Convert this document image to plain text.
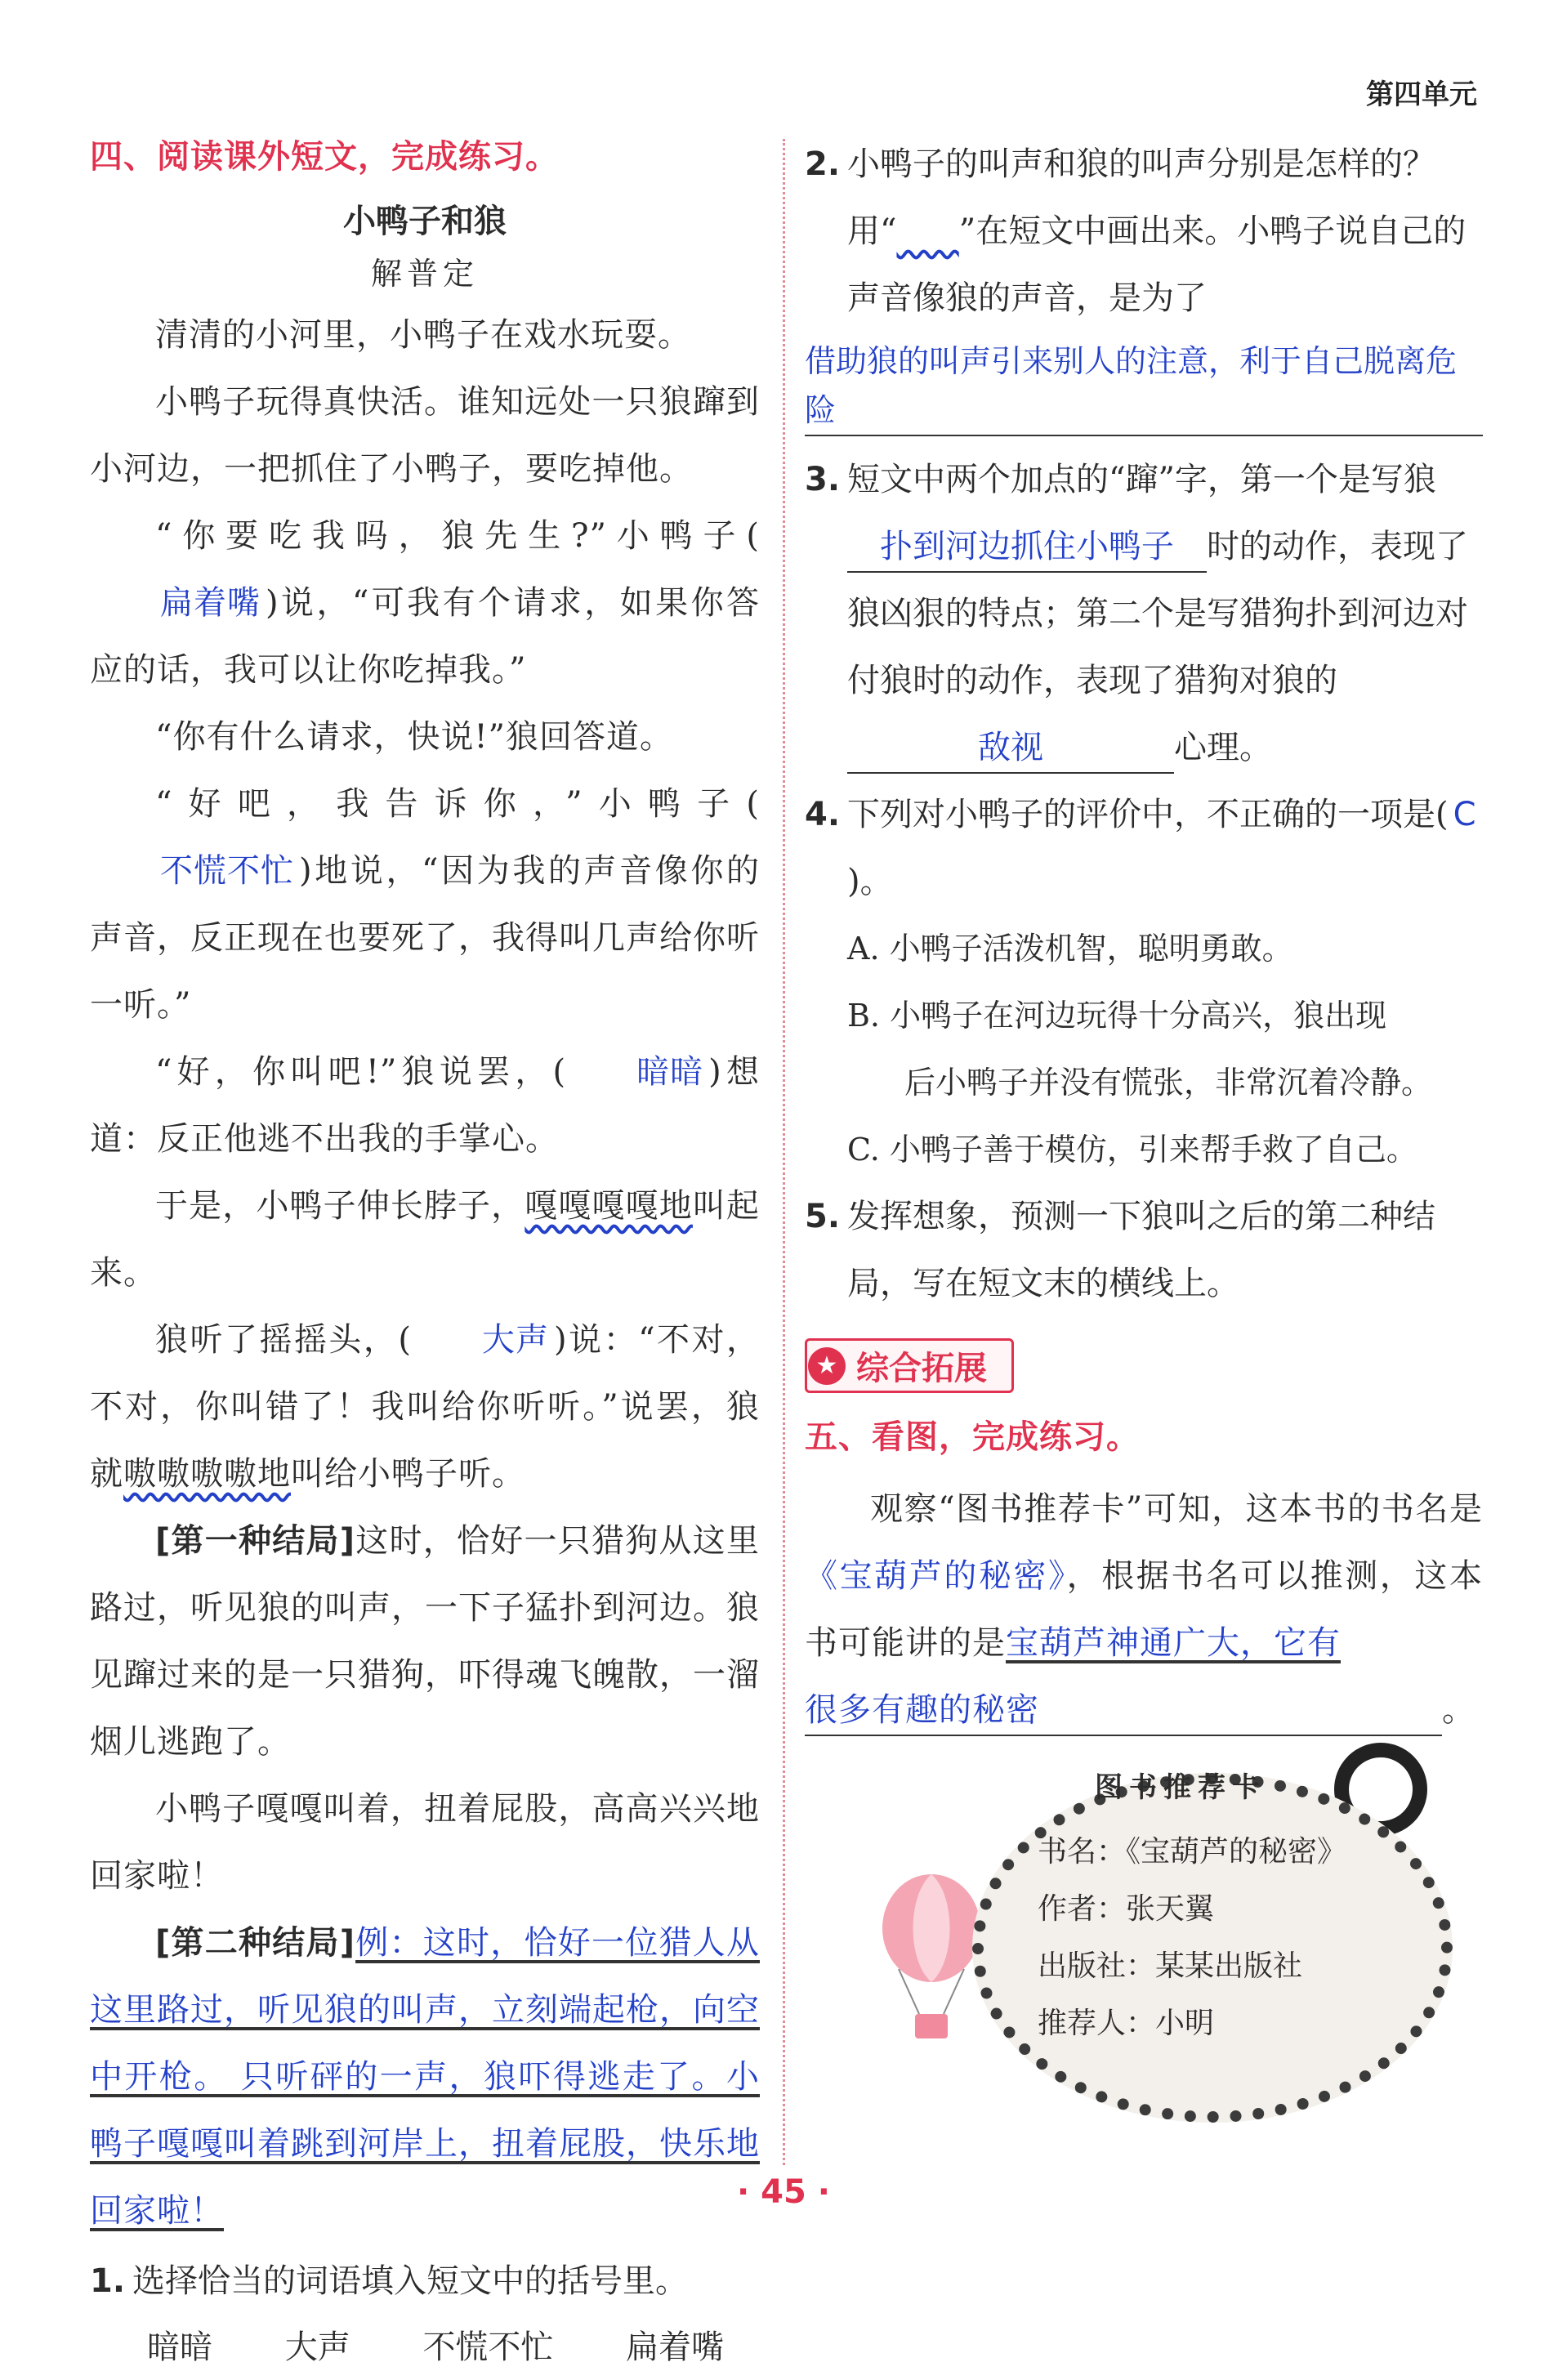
第四单元
四、阅读课外短文，完成练习。
小鸭子和狼
解普定

清清的小河里，小鸭子在戏水玩耍。

小鸭子玩得真快活。谁知远处一只狼蹿到小河边，一把抓住了小鸭子，要吃掉他。

“你要吃我吗，狼先生?”小鸭子(扁着嘴 )说，“可我有个请求，如果你答应的话，我可以让你吃掉我。”

“你有什么请求，快说!”狼回答道。

“好吧，我告诉你，”小鸭子(不慌不忙 )地说，“因为我的声音像你的声音，反正现在也要死了，我得叫几声给你听一听。”

“好，你叫吧!”狼说罢，( 暗暗 )想道：反正他逃不出我的手掌心。

于是，小鸭子伸长脖子，嘎嘎嘎嘎地叫起来。

狼听了摇摇头，( 大声 )说：“不对，不对，你叫错了！我叫给你听听。”说罢，狼就嗷嗷嗷嗷地叫给小鸭子听。

[第一种结局]这时，恰好一只猎狗从这里路过，听见狼的叫声，一下子猛扑到河边。狼见蹿过来的是一只猎狗，吓得魂飞魄散，一溜烟儿逃跑了。

小鸭子嘎嘎叫着，扭着屁股，高高兴兴地回家啦！

[第二种结局]例：这时，恰好一位猎人从这里路过，听见狼的叫声，立刻端起枪，向空中开枪。 只听砰的一声，狼吓得逃走了。小鸭子嘎嘎叫着跳到河岸上，扭着屁股，快乐地回家啦！

1. 选择恰当的词语填入短文中的括号里。

暗暗 大声 不慌不忙 扁着嘴

2. 小鸭子的叫声和狼的叫声分别是怎样的？用“ ”在短文中画出来。小鸭子说自己的声音像狼的声音，是为了

借助狼的叫声引来别人的注意，利于自己脱离危险

3. 短文中两个加点的“蹿”字，第一个是写狼扑到河边抓住小鸭子 时的动作，表现了狼凶狠的特点；第二个是写猎狗扑到河边对付狼时的动作，表现了猎狗对狼的敌视	心理。

4. 下列对小鸭子的评价中，不正确的一项是( C)。

A. 小鸭子活泼机智，聪明勇敢。

B. 小鸭子在河边玩得十分高兴，狼出现
后小鸭子并没有慌张，非常沉着冷静。

C. 小鸭子善于模仿，引来帮手救了自己。

5. 发挥想象，预测一下狼叫之后的第二种结局，写在短文末的横线上。

★ 综合拓展
五、看图，完成练习。

观察“图书推荐卡”可知，这本书的书名是《宝葫芦的秘密》，根据书名可以推测，这本书可能讲的是宝葫芦神通广大，它有

很多有趣的秘密	。

图书推荐卡
书名：《宝葫芦的秘密》
作者：张天翼
出版社：某某出版社
推荐人：小明
· 45 ·
